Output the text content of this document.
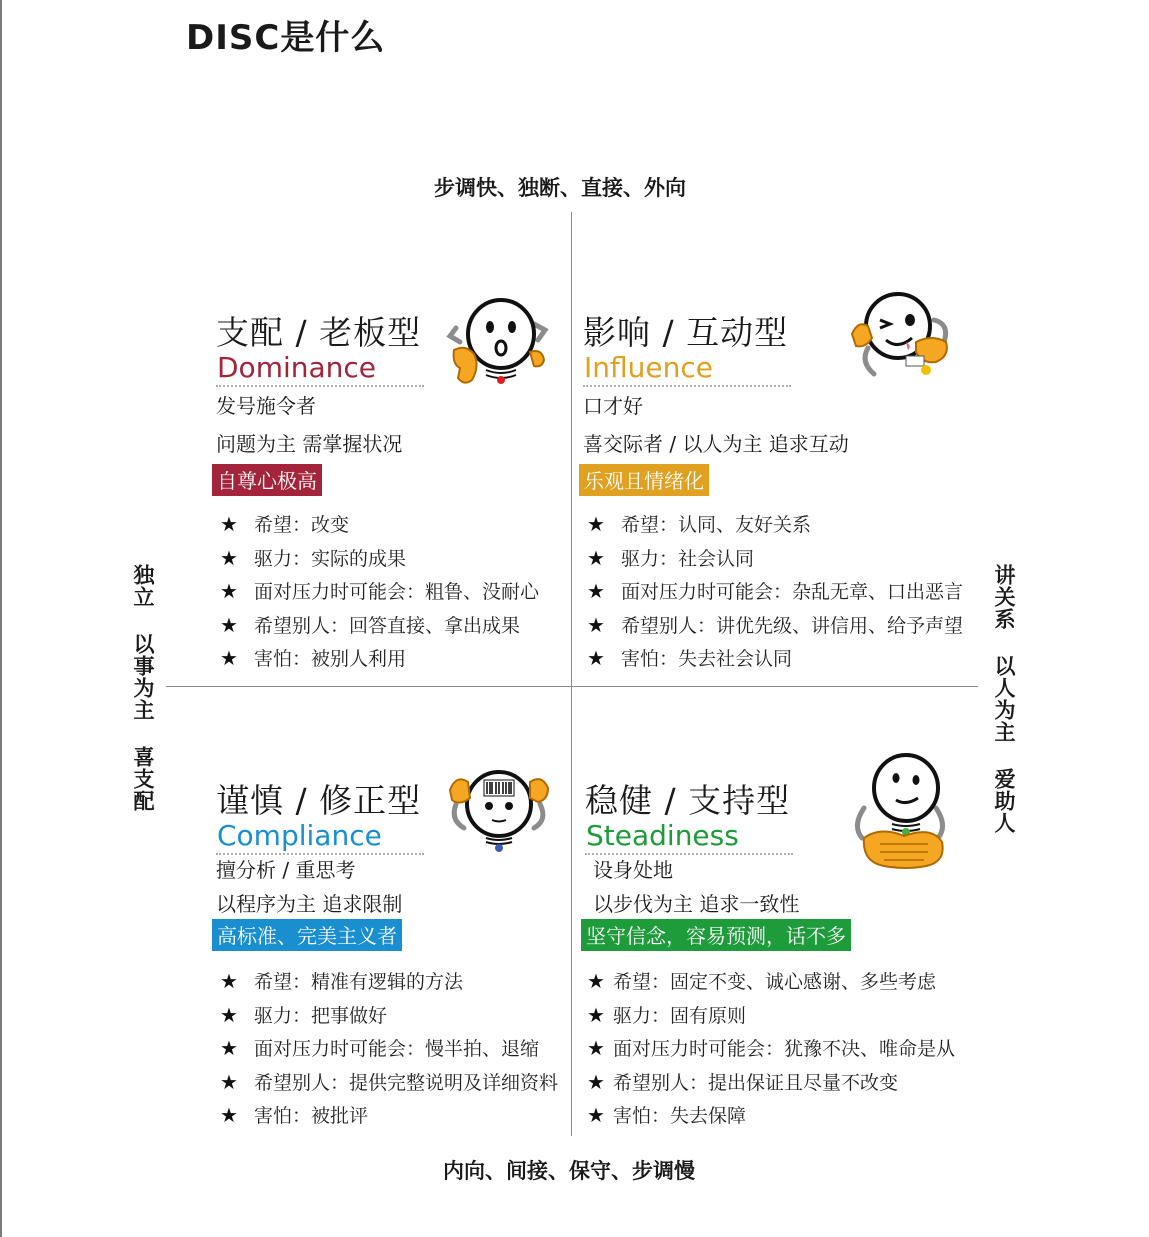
DISC是什么
步调快、独断、直接、外向
内向、间接、保守、步调慢
独立 以事为主 喜支配	讲关系 以人为主 爱助人
支配 / 老板型
Dominance
发号施令者
问题为主 需掌握状况
自尊心极高
★ 希望：改变
★ 驱力：实际的成果
★ 面对压力时可能会：粗鲁、没耐心
★ 希望别人：回答直接、拿出成果
★ 害怕：被别人利用
影响 / 互动型
Influence
口才好
喜交际者 / 以人为主 追求互动
乐观且情绪化
★ 希望：认同、友好关系
★ 驱力：社会认同
★ 面对压力时可能会：杂乱无章、口出恶言
★ 希望别人：讲优先级、讲信用、给予声望
★ 害怕：失去社会认同
谨慎 / 修正型
Compliance
擅分析 / 重思考
以程序为主 追求限制
高标准、完美主义者
★ 希望：精准有逻辑的方法
★ 驱力：把事做好
★ 面对压力时可能会：慢半拍、退缩
★ 希望别人：提供完整说明及详细资料
★ 害怕：被批评
稳健 / 支持型
Steadiness
设身处地
以步伐为主 追求一致性
坚守信念，容易预测，话不多
★ 希望：固定不变、诚心感谢、多些考虑
★ 驱力：固有原则
★ 面对压力时可能会：犹豫不决、唯命是从
★ 希望别人：提出保证且尽量不改变
★ 害怕：失去保障
